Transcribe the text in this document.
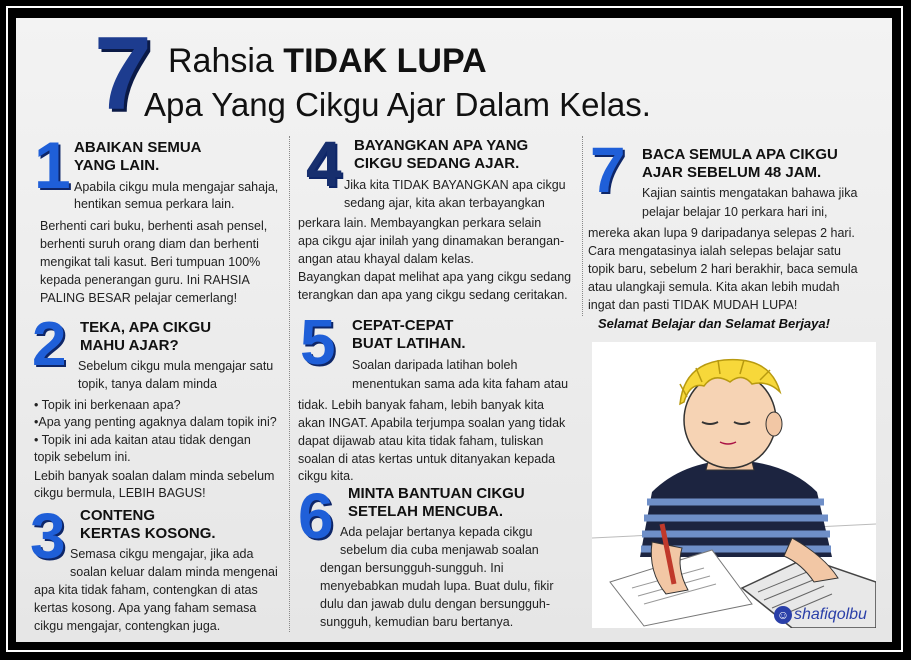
7 Rahsia TIDAK LUPA
Apa Yang Cikgu Ajar Dalam Kelas.
1 ABAIKAN SEMUA
YANG LAIN.
Apabila cikgu mula mengajar sahaja,
hentikan semua perkara lain.
Berhenti cari buku, berhenti asah pensel,
berhenti suruh orang diam dan berhenti
mengikat tali kasut. Beri tumpuan 100%
kepada penerangan guru. Ini RAHSIA
PALING BESAR pelajar cemerlang!
2 TEKA, APA CIKGU
MAHU AJAR?
Sebelum cikgu mula mengajar satu
topik, tanya dalam minda
• Topik ini berkenaan apa?
•Apa yang penting agaknya dalam topik ini?
• Topik ini ada kaitan atau tidak dengan
topik sebelum ini.
Lebih banyak soalan dalam minda sebelum
cikgu bermula, LEBIH BAGUS!
3 CONTENG
KERTAS KOSONG.
Semasa cikgu mengajar, jika ada
soalan keluar dalam minda mengenai
apa kita tidak faham, contengkan di atas
kertas kosong. Apa yang faham semasa
cikgu mengajar, contengkan juga.
4 BAYANGKAN APA YANG
CIKGU SEDANG AJAR.
Jika kita TIDAK BAYANGKAN apa cikgu
sedang ajar, kita akan terbayangkan
perkara lain. Membayangkan perkara selain
apa cikgu ajar inilah yang dinamakan berangan-
angan atau khayal dalam kelas.
Bayangkan dapat melihat apa yang cikgu sedang
terangkan dan apa yang cikgu sedang ceritakan.
5 CEPAT-CEPAT
BUAT LATIHAN.
Soalan daripada latihan boleh
menentukan sama ada kita faham atau
tidak. Lebih banyak faham, lebih banyak kita
akan INGAT. Apabila terjumpa soalan yang tidak
dapat dijawab atau kita tidak faham, tuliskan
soalan di atas kertas untuk ditanyakan kepada
cikgu kita.
6 MINTA BANTUAN CIKGU
SETELAH MENCUBA.
Ada pelajar bertanya kepada cikgu
sebelum dia cuba menjawab soalan
dengan bersungguh-sungguh. Ini
menyebabkan mudah lupa. Buat dulu, fikir
dulu dan jawab dulu dengan bersungguh-
sungguh, kemudian baru bertanya.
7 BACA SEMULA APA CIKGU
AJAR SEBELUM 48 JAM.
Kajian saintis mengatakan bahawa jika
pelajar belajar 10 perkara hari ini,
mereka akan lupa 9 daripadanya selepas 2 hari.
Cara mengatasinya ialah selepas belajar satu
topik baru, sebelum 2 hari berakhir, baca semula
atau ulangkaji semula. Kita akan lebih mudah
ingat dan pasti TIDAK MUDAH LUPA!
Selamat Belajar dan Selamat Berjaya!
☺ shafiqolbu
